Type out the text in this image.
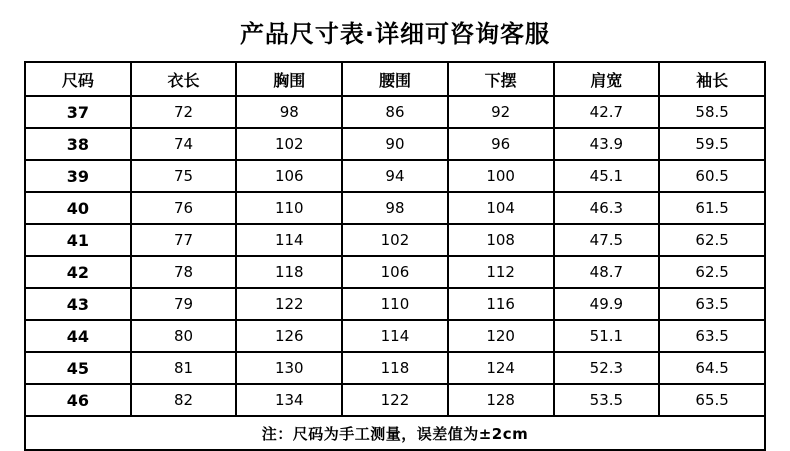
产品尺寸表·详细可咨询客服
尺码	衣长	胸围	腰围	下摆	肩宽	袖长
37	72	98	86	92	42.7	58.5
38	74	102	90	96	43.9	59.5
39	75	106	94	100	45.1	60.5
40	76	110	98	104	46.3	61.5
41	77	114	102	108	47.5	62.5
42	78	118	106	112	48.7	62.5
43	79	122	110	116	49.9	63.5
44	80	126	114	120	51.1	63.5
45	81	130	118	124	52.3	64.5
46	82	134	122	128	53.5	65.5
注：尺码为手工测量，误差值为±2cm						
